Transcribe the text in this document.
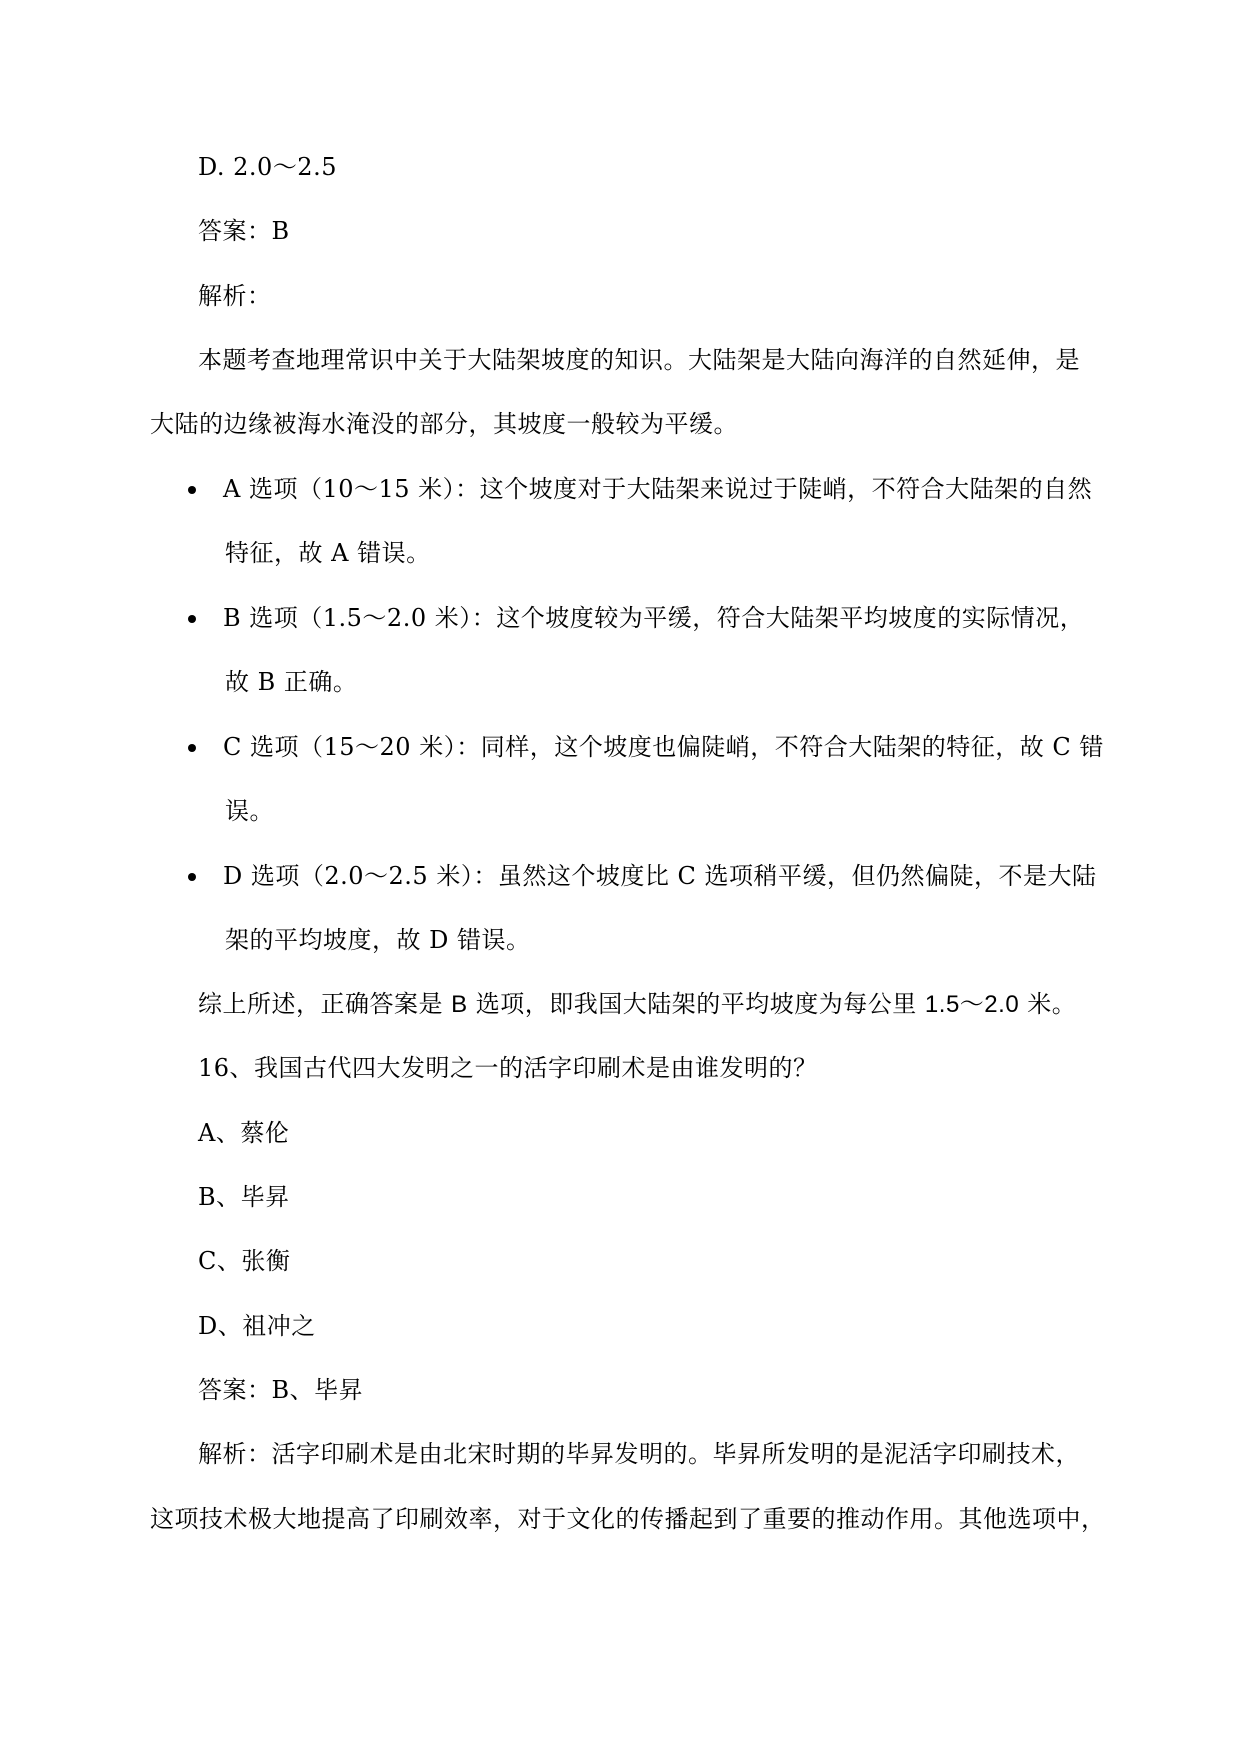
D. 2.0～2.5
答案：B
解析：
本题考查地理常识中关于大陆架坡度的知识。大陆架是大陆向海洋的自然延伸，是
大陆的边缘被海水淹没的部分，其坡度一般较为平缓。
A 选项（10～15 米）：这个坡度对于大陆架来说过于陡峭，不符合大陆架的自然
特征，故 A 错误。
B 选项（1.5～2.0 米）：这个坡度较为平缓，符合大陆架平均坡度的实际情况，
故 B 正确。
C 选项（15～20 米）：同样，这个坡度也偏陡峭，不符合大陆架的特征，故 C 错
误。
D 选项（2.0～2.5 米）：虽然这个坡度比 C 选项稍平缓，但仍然偏陡，不是大陆
架的平均坡度，故 D 错误。
综上所述，正确答案是 B 选项，即我国大陆架的平均坡度为每公里 1.5～2.0 米。
16、我国古代四大发明之一的活字印刷术是由谁发明的？
A、蔡伦
B、毕昇
C、张衡
D、祖冲之
答案：B、毕昇
解析：活字印刷术是由北宋时期的毕昇发明的。毕昇所发明的是泥活字印刷技术，
这项技术极大地提高了印刷效率，对于文化的传播起到了重要的推动作用。其他选项中，
